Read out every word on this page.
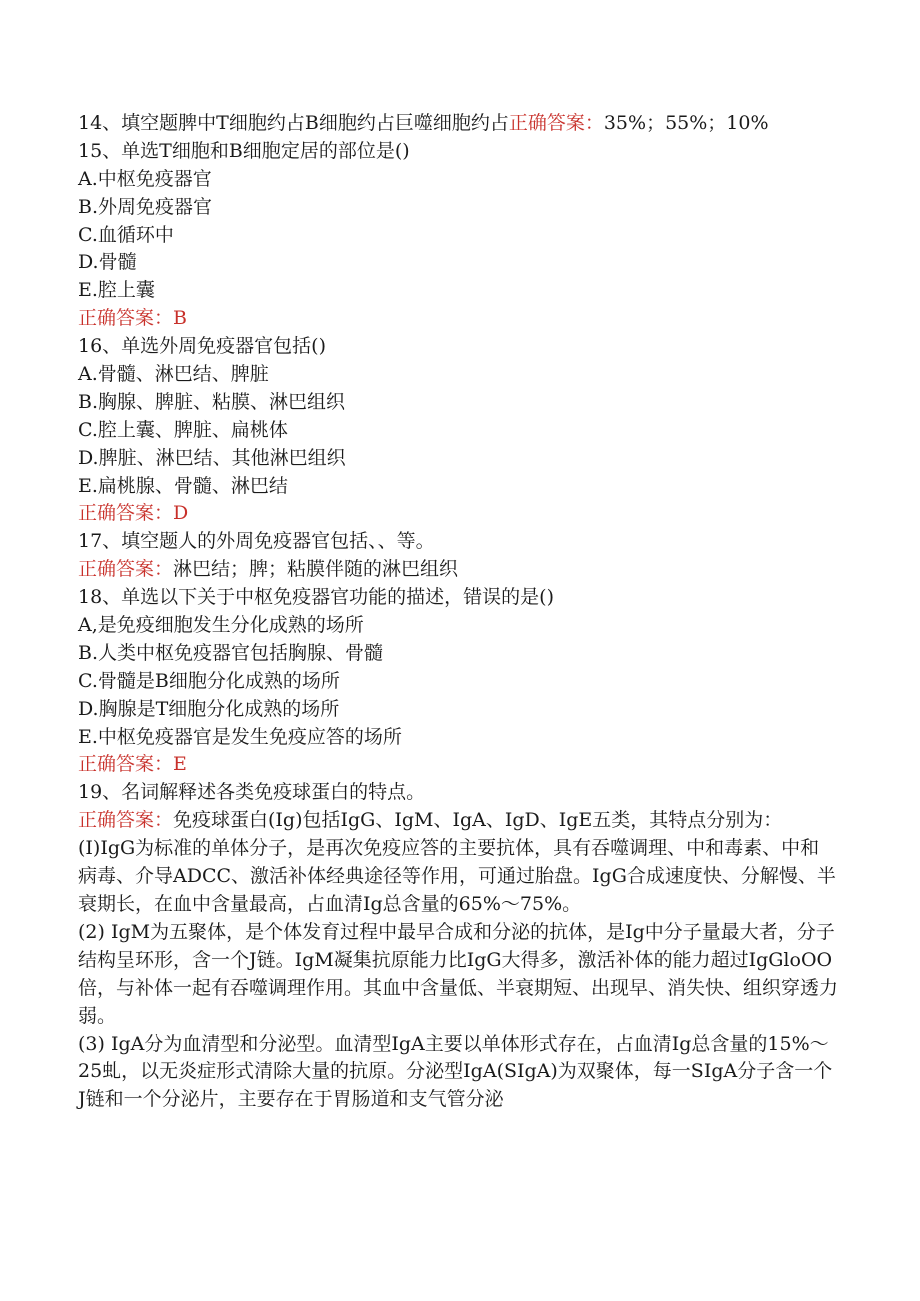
14、填空题脾中T细胞约占B细胞约占巨噬细胞约占正确答案：35%；55%；10%
15、单选T细胞和B细胞定居的部位是()
A.中枢免疫器官
B.外周免疫器官
C.血循环中
D.骨髓
E.腔上囊
正确答案：B
16、单选外周免疫器官包括()
A.骨髓、淋巴结、脾脏
B.胸腺、脾脏、粘膜、淋巴组织
C.腔上囊、脾脏、扁桃体
D.脾脏、淋巴结、其他淋巴组织
E.扁桃腺、骨髓、淋巴结
正确答案：D
17、填空题人的外周免疫器官包括、、等。
正确答案：淋巴结；脾；粘膜伴随的淋巴组织
18、单选以下关于中枢免疫器官功能的描述，错误的是()
A,是免疫细胞发生分化成熟的场所
B.人类中枢免疫器官包括胸腺、骨髓
C.骨髓是B细胞分化成熟的场所
D.胸腺是T细胞分化成熟的场所
E.中枢免疫器官是发生免疫应答的场所
正确答案：E
19、名词解释述各类免疫球蛋白的特点。
正确答案：免疫球蛋白(Ig)包括IgG、IgM、IgA、IgD、IgE五类，其特点分别为：
(I)IgG为标准的单体分子，是再次免疫应答的主要抗体，具有吞噬调理、中和毒素、中和病毒、介导ADCC、激活补体经典途径等作用，可通过胎盘。IgG合成速度快、分解慢、半衰期长，在血中含量最高，占血清Ig总含量的65%～75%。
(2) IgM为五聚体，是个体发育过程中最早合成和分泌的抗体，是Ig中分子量最大者，分子结构呈环形，含一个J链。IgM凝集抗原能力比IgG大得多，激活补体的能力超过IgGloOO倍，与补体一起有吞噬调理作用。其血中含量低、半衰期短、出现早、消失快、组织穿透力弱。
(3) IgA分为血清型和分泌型。血清型IgA主要以单体形式存在，占血清Ig总含量的15%～25虬，以无炎症形式清除大量的抗原。分泌型IgA(SIgA)为双聚体，每一SIgA分子含一个J链和一个分泌片，主要存在于胃肠道和支气管分泌
